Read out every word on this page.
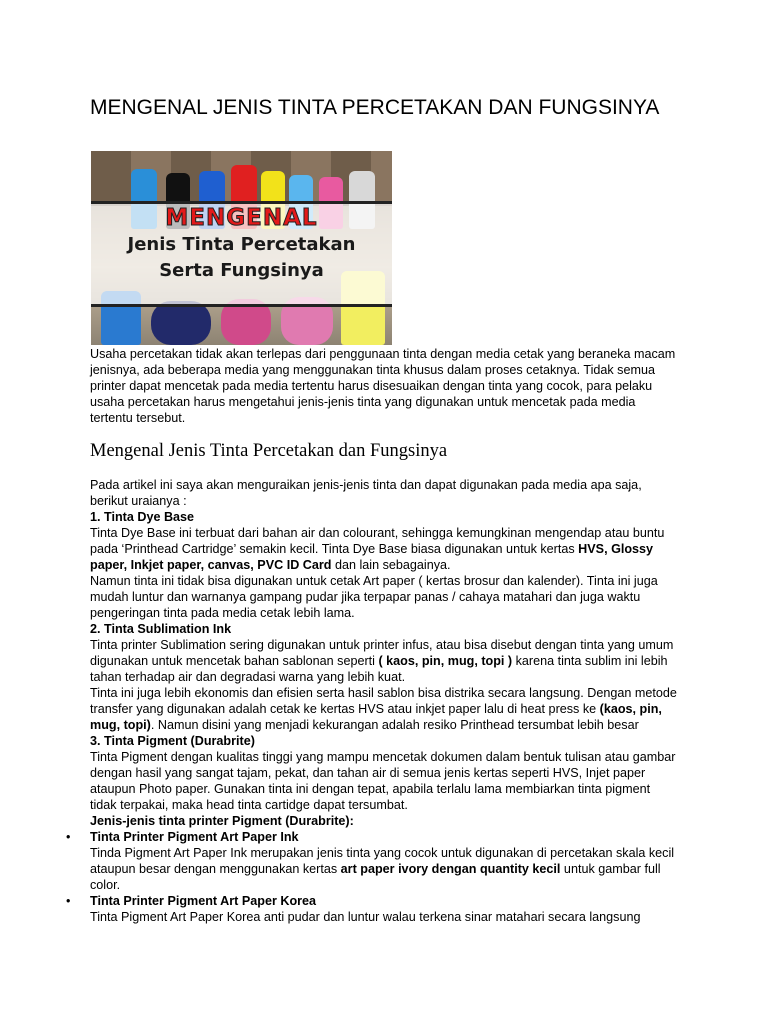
MENGENAL JENIS TINTA PERCETAKAN DAN FUNGSINYA
MENGENAL
Jenis Tinta Percetakan
Serta Fungsinya

Usaha percetakan tidak akan terlepas dari penggunaan tinta dengan media cetak yang beraneka macam jenisnya, ada beberapa media yang menggunakan tinta khusus dalam proses cetaknya. Tidak semua printer dapat mencetak pada media tertentu harus disesuaikan dengan tinta yang cocok, para pelaku usaha percetakan harus mengetahui jenis-jenis tinta yang digunakan untuk mencetak pada media tertentu tersebut.

Mengenal Jenis Tinta Percetakan dan Fungsinya

Pada artikel ini saya akan menguraikan jenis-jenis tinta dan dapat digunakan pada media apa saja, berikut uraianya :

1. Tinta Dye Base

Tinta Dye Base ini terbuat dari bahan air dan colourant, sehingga kemungkinan mengendap atau buntu pada ‘Printhead Cartridge’ semakin kecil. Tinta Dye Base biasa digunakan untuk kertas HVS, Glossy paper, Inkjet paper, canvas, PVC ID Card dan lain sebagainya.

Namun tinta ini tidak bisa digunakan untuk cetak Art paper ( kertas brosur dan kalender). Tinta ini juga mudah luntur dan warnanya gampang pudar jika terpapar panas / cahaya matahari dan juga waktu pengeringan tinta pada media cetak lebih lama.

2. Tinta Sublimation Ink

Tinta printer Sublimation sering digunakan untuk printer infus, atau bisa disebut dengan tinta yang umum digunakan untuk mencetak bahan sablonan seperti ( kaos, pin, mug, topi ) karena tinta sublim ini lebih tahan terhadap air dan degradasi warna yang lebih kuat.

Tinta ini juga lebih ekonomis dan efisien serta hasil sablon bisa distrika secara langsung. Dengan metode transfer yang digunakan adalah cetak ke kertas HVS atau inkjet paper lalu di heat press ke (kaos, pin, mug, topi). Namun disini yang menjadi kekurangan adalah resiko Printhead tersumbat lebih besar

3. Tinta Pigment (Durabrite)

Tinta Pigment dengan kualitas tinggi yang mampu mencetak dokumen dalam bentuk tulisan atau gambar dengan hasil yang sangat tajam, pekat, dan tahan air di semua jenis kertas seperti HVS, Injet paper ataupun Photo paper. Gunakan tinta ini dengan tepat, apabila terlalu lama membiarkan tinta pigment tidak terpakai, maka head tinta cartidge dapat tersumbat.

Jenis-jenis tinta printer Pigment (Durabrite):

• Tinta Printer Pigment Art Paper Ink
Tinda Pigment Art Paper Ink merupakan jenis tinta yang cocok untuk digunakan di percetakan skala kecil ataupun besar dengan menggunakan kertas art paper ivory dengan quantity kecil untuk gambar full color.
• Tinta Printer Pigment Art Paper Korea
Tinta Pigment Art Paper Korea anti pudar dan luntur walau terkena sinar matahari secara langsung
